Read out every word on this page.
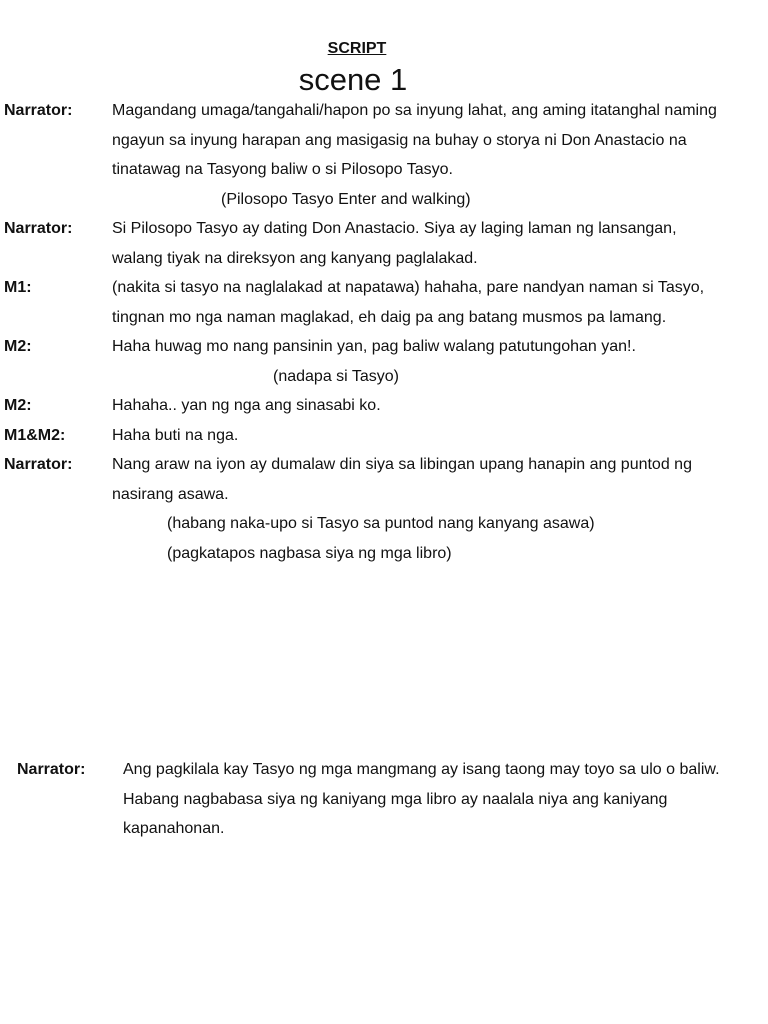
SCRIPT
scene 1
Narrator: Magandang umaga/tangahali/hapon po sa inyung lahat, ang aming itatanghal naming ngayun sa inyung harapan ang masigasig na buhay o storya ni Don Anastacio na tinatawag na Tasyong baliw o si Pilosopo Tasyo.
(Pilosopo Tasyo Enter and walking)
Narrator: Si Pilosopo Tasyo ay dating Don Anastacio. Siya ay laging laman ng lansangan, walang tiyak na direksyon ang kanyang paglalakad.
M1:	(nakita si tasyo na naglalakad at napatawa) hahaha, pare nandyan naman si Tasyo, tingnan mo nga naman maglakad, eh daig pa ang batang musmos pa lamang.
M2:	Haha huwag mo nang pansinin yan, pag baliw walang patutungohan yan!.
(nadapa si Tasyo)
M2:	Hahaha.. yan ng nga ang sinasabi ko.
M1&M2:	Haha buti na nga.
Narrator: Nang araw na iyon ay dumalaw din siya sa libingan upang hanapin ang puntod ng nasirang asawa.
(habang naka-upo si Tasyo sa puntod nang kanyang asawa)
(pagkatapos nagbasa siya ng mga libro)
Narrator: Ang pagkilala kay Tasyo ng mga mangmang ay isang taong may toyo sa ulo o baliw. Habang nagbabasa siya ng kaniyang mga libro ay naalala niya ang kaniyang kapanahonan.
